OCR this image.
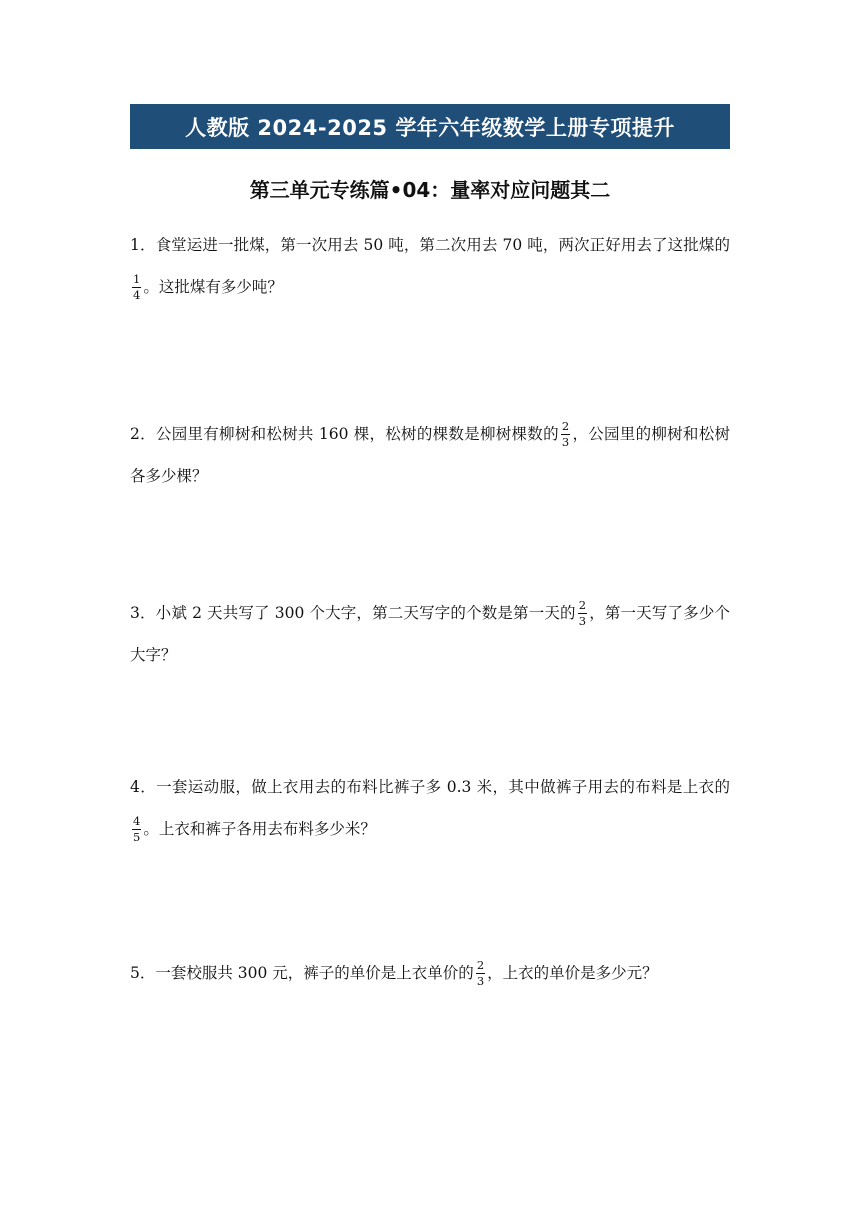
人教版 2024-2025 学年六年级数学上册专项提升
第三单元专练篇•04：量率对应问题其二
1．食堂运进一批煤，第一次用去 50 吨，第二次用去 70 吨，两次正好用去了这批煤的
$\frac{1}{4}$ 。这批煤有多少吨？
2．公园里有柳树和松树共 160 棵，松树的棵数是柳树棵数的 $\frac{2}{3}$ ，公园里的柳树和松树各多少棵？
3．小斌 2 天共写了 300 个大字，第二天写字的个数是第一天的 $\frac{2}{3}$ ，第一天写了多少个大字？
4．一套运动服，做上衣用去的布料比裤子多 0.3 米，其中做裤子用去的布料是上衣的
$\frac{4}{5}$ 。上衣和裤子各用去布料多少米？
5．一套校服共 300 元，裤子的单价是上衣单价的 $\frac{2}{3}$ ，上衣的单价是多少元？
